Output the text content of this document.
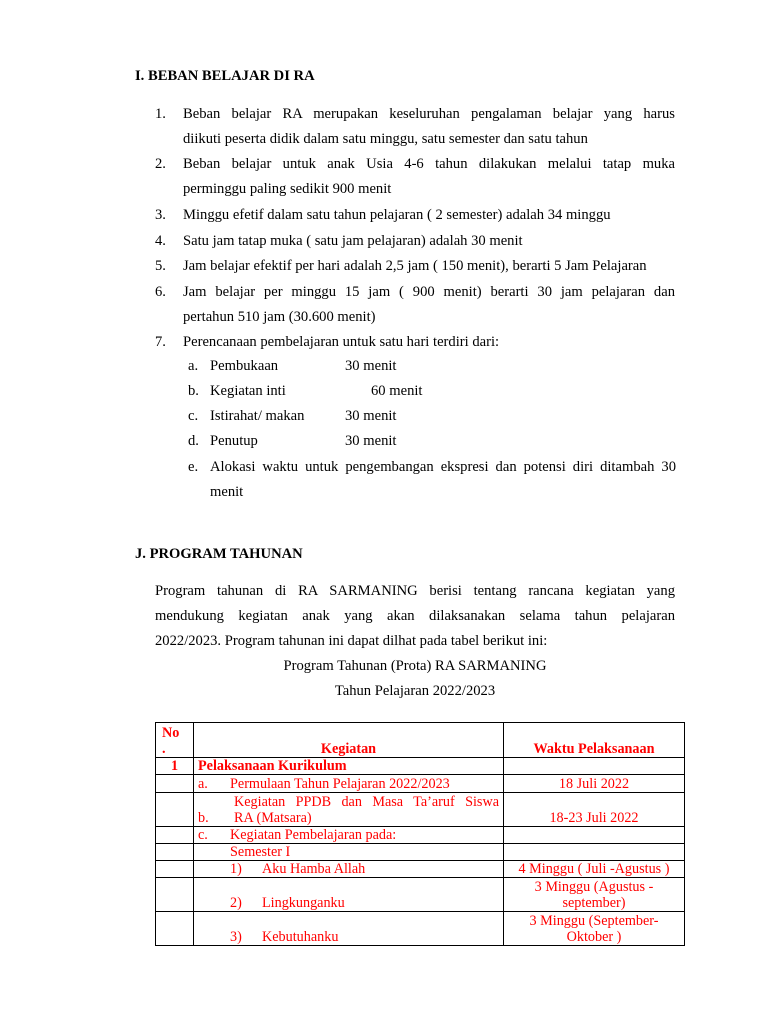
I. BEBAN BELAJAR DI RA
1. Beban belajar RA merupakan keseluruhan pengalaman belajar yang harus
diikuti peserta didik dalam satu minggu, satu semester dan satu tahun
2. Beban belajar untuk anak Usia 4-6 tahun dilakukan melalui tatap muka
perminggu paling sedikit 900 menit
3. Minggu efetif dalam satu tahun pelajaran ( 2 semester) adalah 34 minggu
4. Satu jam tatap muka ( satu jam pelajaran) adalah 30 menit
5. Jam belajar efektif per hari adalah 2,5 jam ( 150 menit), berarti 5 Jam Pelajaran
6. Jam belajar per minggu 15 jam ( 900 menit) berarti 30 jam pelajaran dan
pertahun 510 jam (30.600 menit)
7. Perencanaan pembelajaran untuk satu hari terdiri dari:
a. Pembukaan	30 menit
b. Kegiatan inti	60 menit
c. Istirahat/ makan	30 menit
d. Penutup	30 menit
e. Alokasi waktu untuk pengembangan ekspresi dan potensi diri ditambah 30
menit
J. PROGRAM TAHUNAN
Program tahunan di RA SARMANING berisi tentang rancana kegiatan yang
mendukung kegiatan anak yang akan dilaksanakan selama tahun pelajaran
2022/2023. Program tahunan ini dapat dilhat pada tabel berikut ini:
Program Tahunan (Prota) RA SARMANING
Tahun Pelajaran 2022/2023
No
.	Kegiatan	Waktu Pelaksanaan
1	Pelaksanaan Kurikulum	
	a. Permulaan Tahun Pelajaran 2022/2023	18 Juli 2022

	b.
Kegiatan PPDB dan Masa Ta’aruf Siswa
RA (Matsara)	18-23 Juli 2022
	c. Kegiatan Pembelajaran pada:	
	Semester I	
	1) Aku Hamba Allah	4 Minggu ( Juli -Agustus )
	2) Lingkunganku	3 Minggu (Agustus -
september)
	3) Kebutuhanku	3 Minggu (September-
Oktober )
